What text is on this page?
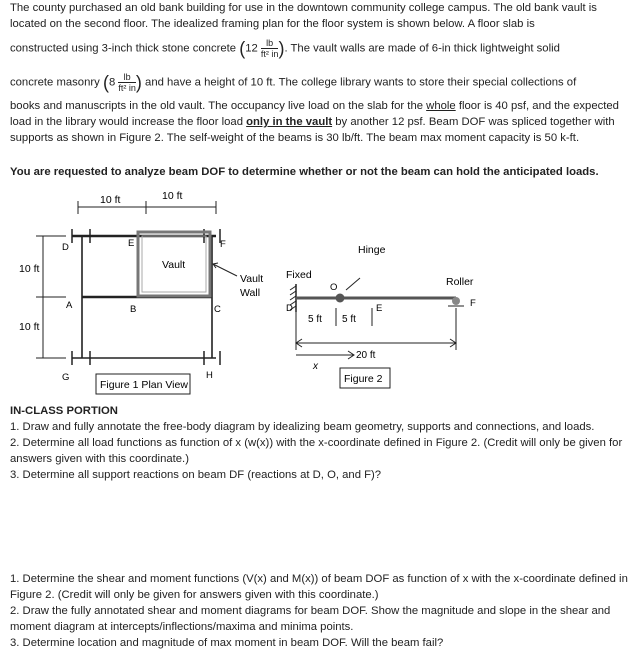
The county purchased an old bank building for use in the downtown community college campus. The old bank vault is located on the second floor. The idealized framing plan for the floor system is shown below. A floor slab is

constructed using 3-inch thick stone concrete ($12 \frac{lb}{\text{ft² in}}$ ). The vault walls are made of 6-in thick lightweight solid

concrete masonry ($8 \frac{lb}{\text{ft² in}}$ ) and have a height of 10 ft. The college library wants to store their special collections of

books and manuscripts in the old vault. The occupancy live load on the slab for the whole floor is 40 psf, and the expected load in the library would increase the floor load only in the vault by another 12 psf. Beam DOF was spliced together with supports as shown in Figure 2. The self-weight of the beams is 30 lb/ft. The beam max moment capacity is 50 k-ft.

You are requested to analyze beam DOF to determine whether or not the beam can hold the anticipated loads.

10 ft	10 ft
10 ft
10 ft
Vault
D	E	F
A	B	C
G	H
Vault
Wall
Figure 1 Plan View
Hinge
Fixed
Roller
D
O
E	F
5 ft 5 ft
20 ft
x
Figure 2
IN-CLASS PORTION
1. Draw and fully annotate the free-body diagram by idealizing beam geometry, supports and connections, and loads.
2. Determine all load functions as function of x (w(x)) with the x-coordinate defined in Figure 2. (Credit will only be given for answers given with this coordinate.)
3. Determine all support reactions on beam DF (reactions at D, O, and F)?
1. Determine the shear and moment functions (V(x) and M(x)) of beam DOF as function of x with the x-coordinate defined in Figure 2. (Credit will only be given for answers given with this coordinate.)
2. Draw the fully annotated shear and moment diagrams for beam DOF. Show the magnitude and slope in the shear and moment diagram at intercepts/inflections/maxima and minima points.
3. Determine location and magnitude of max moment in beam DOF. Will the beam fail?
